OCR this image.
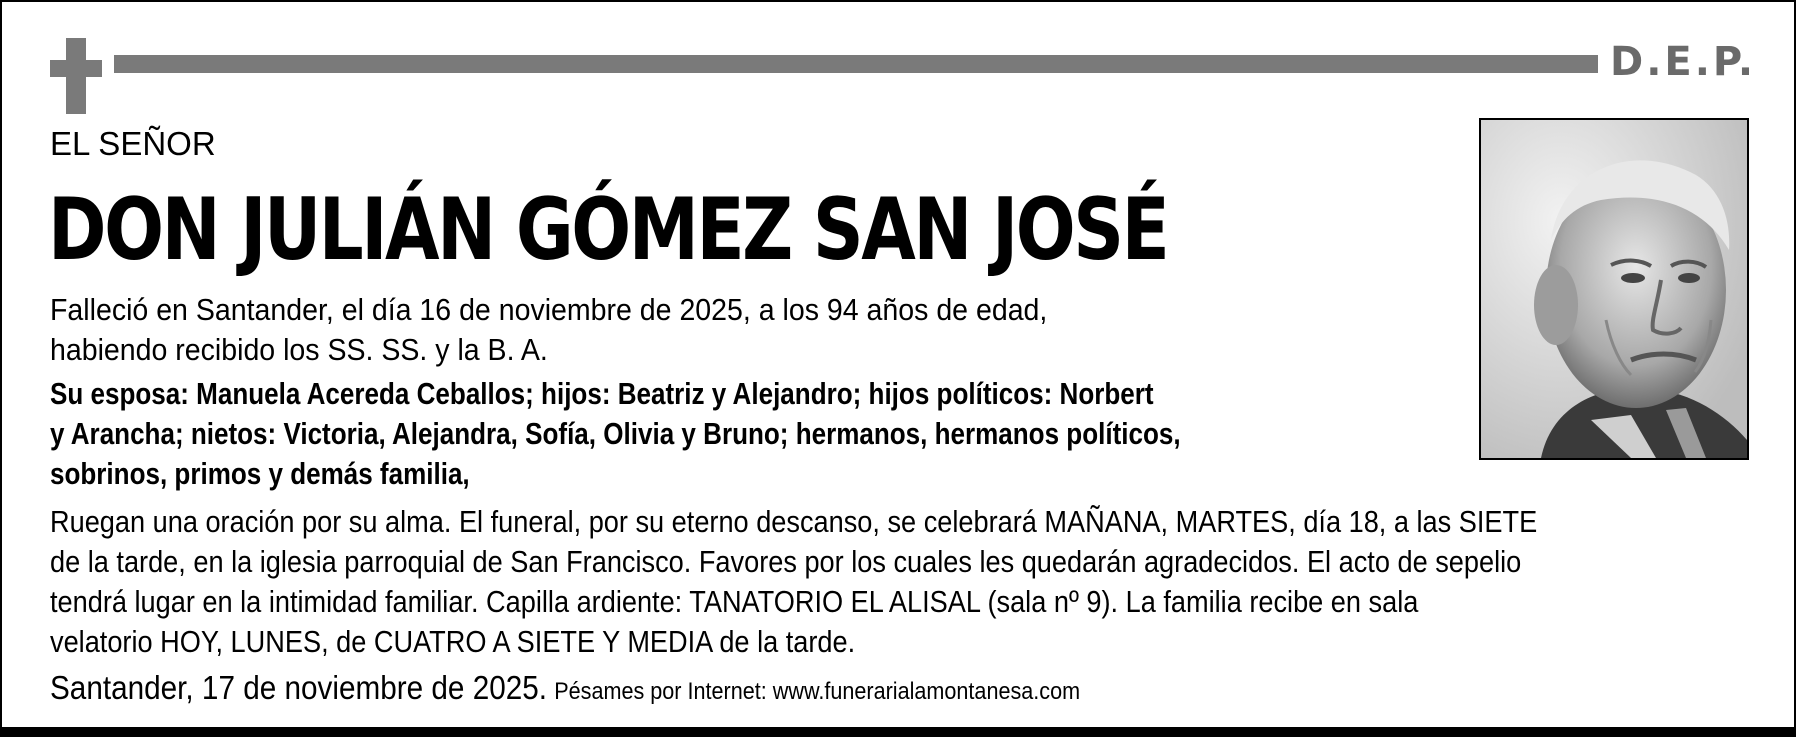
D.E.P.
EL SEÑOR
DON JULIÁN GÓMEZ SAN JOSÉ
Falleció en Santander, el día 16 de noviembre de 2025, a los 94 años de edad,
habiendo recibido los SS. SS. y la B. A.
Su esposa: Manuela Acereda Ceballos; hijos: Beatriz y Alejandro; hijos políticos: Norbert
y Arancha; nietos: Victoria, Alejandra, Sofía, Olivia y Bruno; hermanos, hermanos políticos,
sobrinos, primos y demás familia,
Ruegan una oración por su alma. El funeral, por su eterno descanso, se celebrará MAÑANA, MARTES, día 18, a las SIETE
de la tarde, en la iglesia parroquial de San Francisco. Favores por los cuales les quedarán agradecidos. El acto de sepelio
tendrá lugar en la intimidad familiar. Capilla ardiente: TANATORIO EL ALISAL (sala nº 9). La familia recibe en sala
velatorio HOY, LUNES, de CUATRO A SIETE Y MEDIA de la tarde.
Santander, 17 de noviembre de 2025. Pésames por Internet: www.funerarialamontanesa.com
